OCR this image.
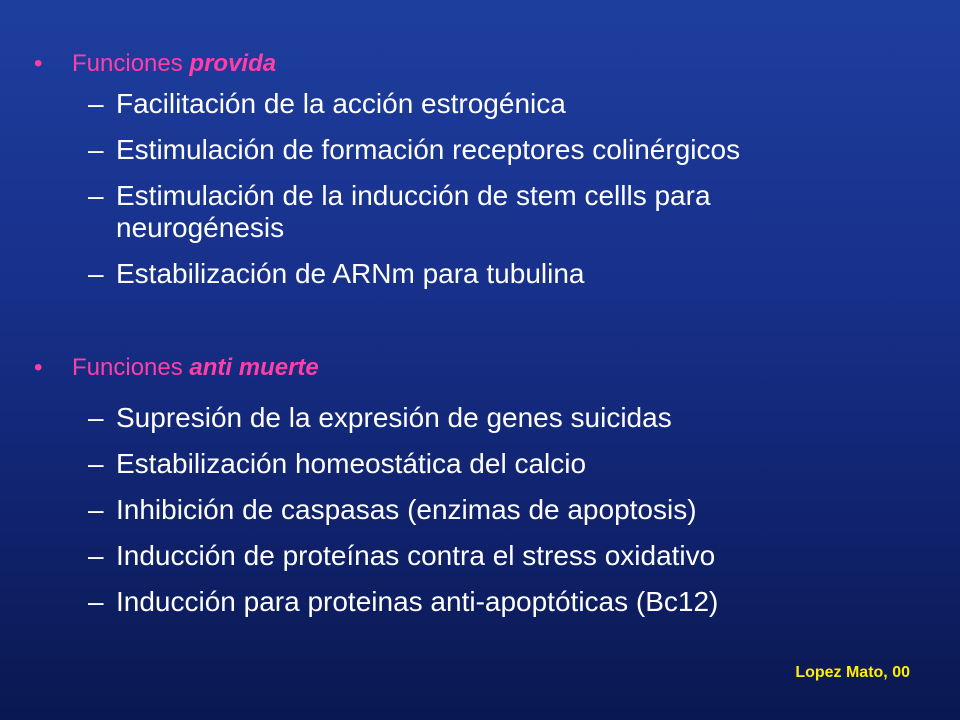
• Funciones provida
– Facilitación de la acción estrogénica
– Estimulación de formación receptores colinérgicos
– Estimulación de la inducción de stem cellls para neurogénesis
– Estabilización de ARNm para tubulina
• Funciones anti muerte
– Supresión de la expresión de genes suicidas
– Estabilización homeostática del calcio
– Inhibición de caspasas (enzimas de apoptosis)
– Inducción de proteínas contra el stress oxidativo
– Inducción para proteinas anti-apoptóticas (Bc12)
Lopez Mato, 00
